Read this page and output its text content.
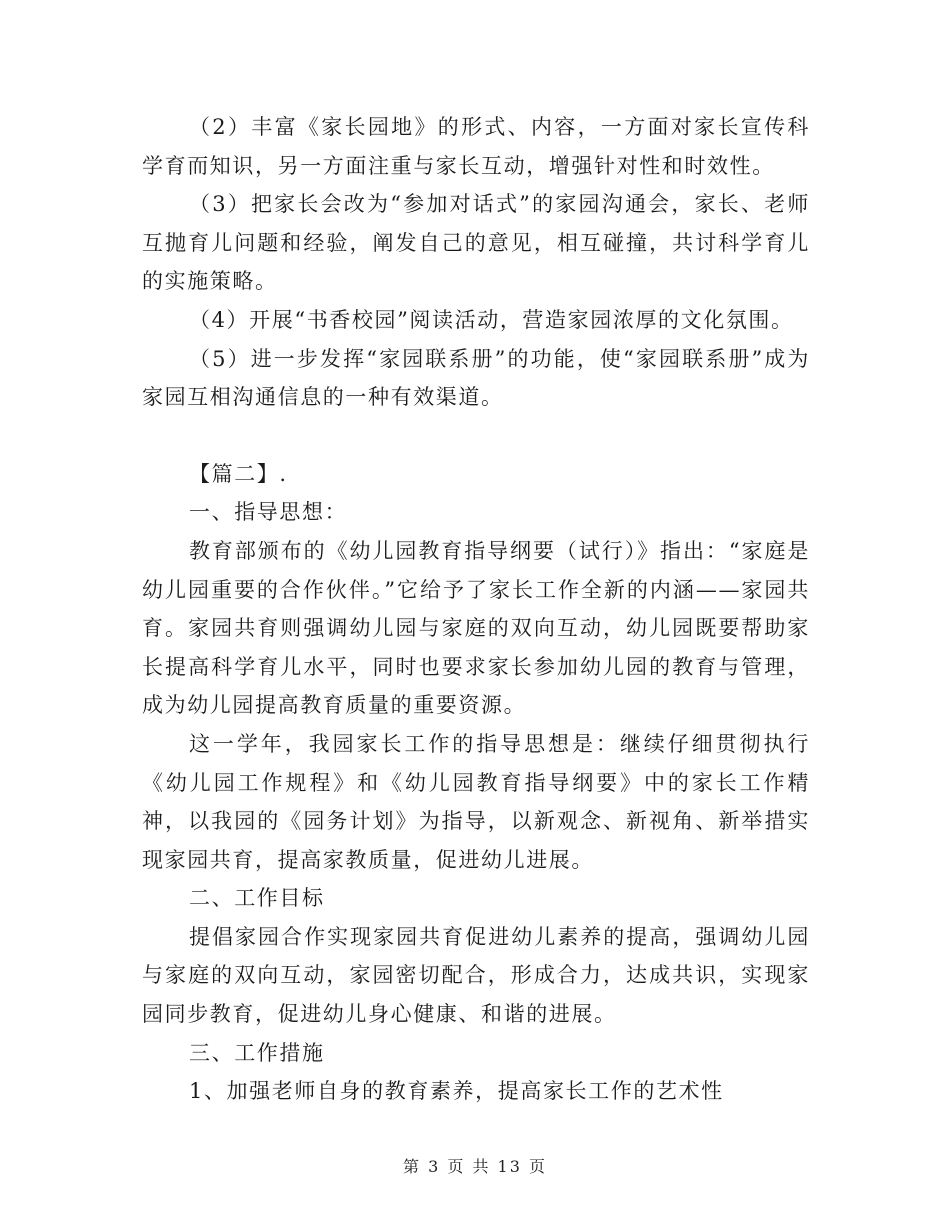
（2）丰富《家长园地》的形式、内容，一方面对家长宣传科学育而知识，另一方面注重与家长互动，增强针对性和时效性。

（3）把家长会改为“参加对话式”的家园沟通会，家长、老师互抛育儿问题和经验，阐发自己的意见，相互碰撞，共讨科学育儿的实施策略。

（4）开展“书香校园”阅读活动，营造家园浓厚的文化氛围。

（5）进一步发挥“家园联系册”的功能，使“家园联系册”成为家园互相沟通信息的一种有效渠道。

【篇二】.

一、指导思想：

教育部颁布的《幼儿园教育指导纲要（试行）》指出：“家庭是幼儿园重要的合作伙伴。”它给予了家长工作全新的内涵——家园共育。家园共育则强调幼儿园与家庭的双向互动，幼儿园既要帮助家长提高科学育儿水平，同时也要求家长参加幼儿园的教育与管理，成为幼儿园提高教育质量的重要资源。

这一学年，我园家长工作的指导思想是：继续仔细贯彻执行《幼儿园工作规程》和《幼儿园教育指导纲要》中的家长工作精神，以我园的《园务计划》为指导，以新观念、新视角、新举措实现家园共育，提高家教质量，促进幼儿进展。

二、工作目标

提倡家园合作实现家园共育促进幼儿素养的提高，强调幼儿园与家庭的双向互动，家园密切配合，形成合力，达成共识，实现家园同步教育，促进幼儿身心健康、和谐的进展。

三、工作措施

1、加强老师自身的教育素养，提高家长工作的艺术性

第 3 页 共 13 页
